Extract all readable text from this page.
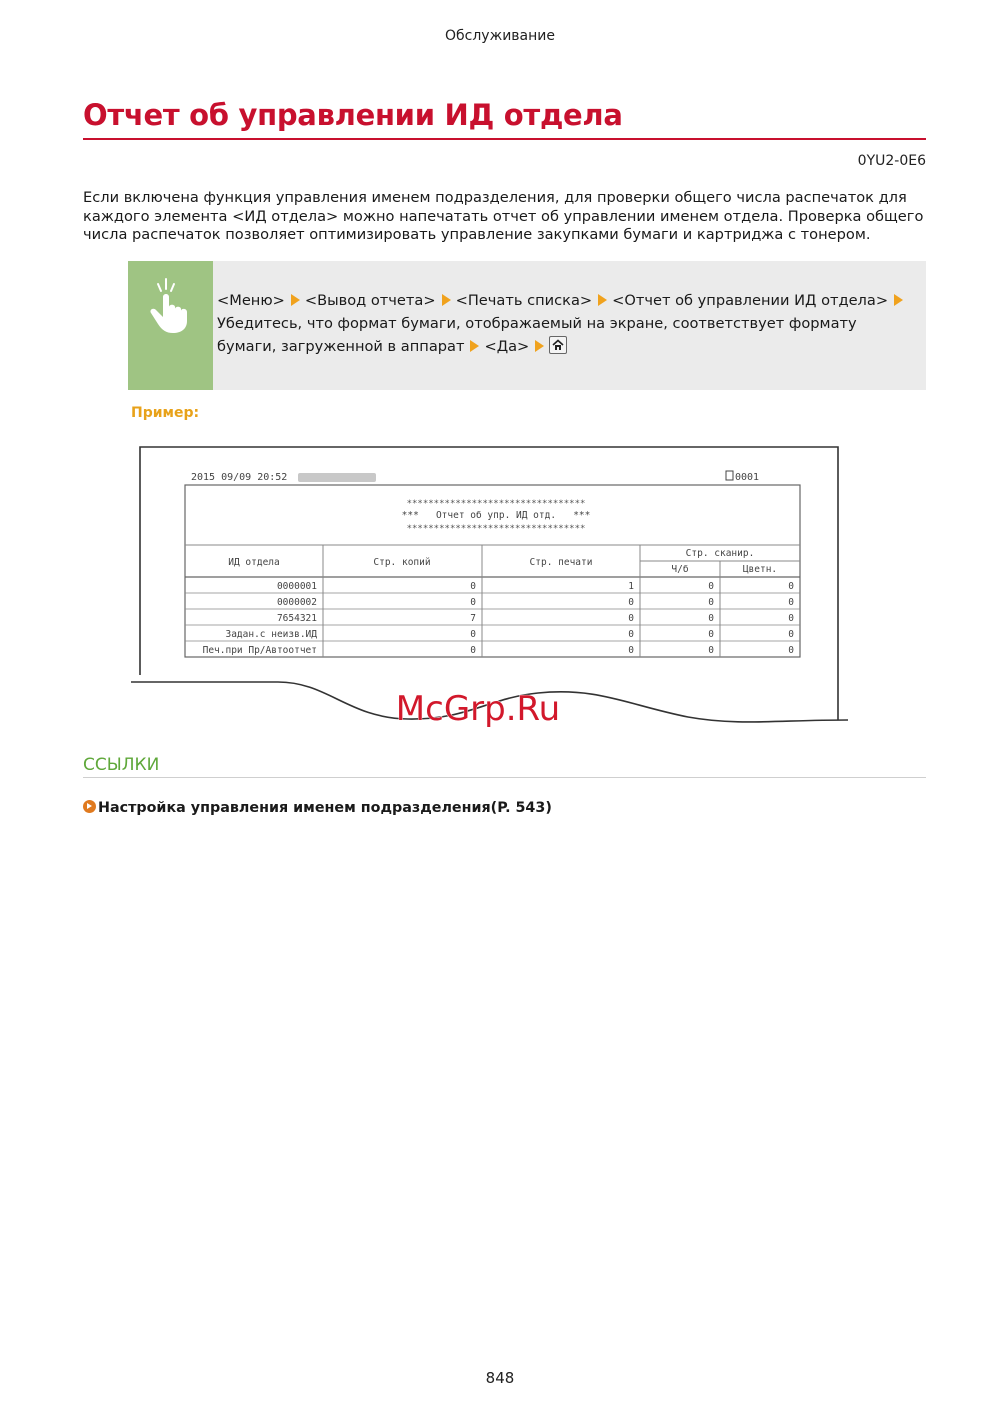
Обслуживание
Отчет об управлении ИД отдела
0YU2-0E6

Если включена функция управления именем подразделения, для проверки общего числа распечаток для каждого элемента <ИД отдела> можно напечатать отчет об управлении именем отдела. Проверка общего числа распечаток позволяет оптимизировать управление закупками бумаги и картриджа с тонером.

<Меню> <Вывод отчета> <Печать списка> <Отчет об управлении ИД отдела>Убедитесь, что формат бумаги, отображаемый на экране, соответствует формату бумаги, загруженной в аппарат <Да>
Пример:
2015 09/09 20:52	0001
*********************************
***   Отчет об упр. ИД отд.   ***
*********************************
ИД отдела	Стр. копий	Стр. печати
Стр. сканир.
Ч/б	Цветн.
0000001	0	1	0	0
0000002	0	0	0	0
7654321	7	0	0	0
Задан.с неизв.ИД	0	0	0	0
Печ.при Пр/Автоотчет	0	0	0	0
McGrp.Ru
ССЫЛКИ
Настройка управления именем подразделения(P. 543)
848
